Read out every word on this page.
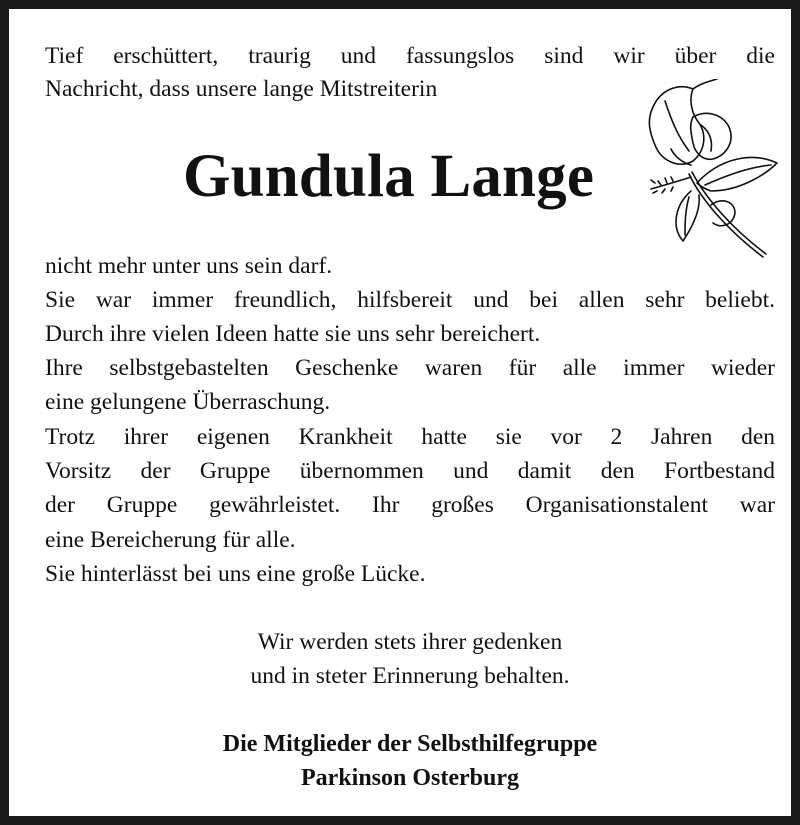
Tief erschüttert, traurig und fassungslos sind wir über die

Nachricht, dass unsere lange Mitstreiterin

Gundula Lange

nicht mehr unter uns sein darf.

Sie war immer freundlich, hilfsbereit und bei allen sehr beliebt.

Durch ihre vielen Ideen hatte sie uns sehr bereichert.

Ihre selbstgebastelten Geschenke waren für alle immer wieder

eine gelungene Überraschung.

Trotz ihrer eigenen Krankheit hatte sie vor 2 Jahren den

Vorsitz der Gruppe übernommen und damit den Fortbestand

der Gruppe gewährleistet. Ihr großes Organisationstalent war

eine Bereicherung für alle.

Sie hinterlässt bei uns eine große Lücke.

Wir werden stets ihrer gedenken

und in steter Erinnerung behalten.

Die Mitglieder der Selbsthilfegruppe

Parkinson Osterburg
